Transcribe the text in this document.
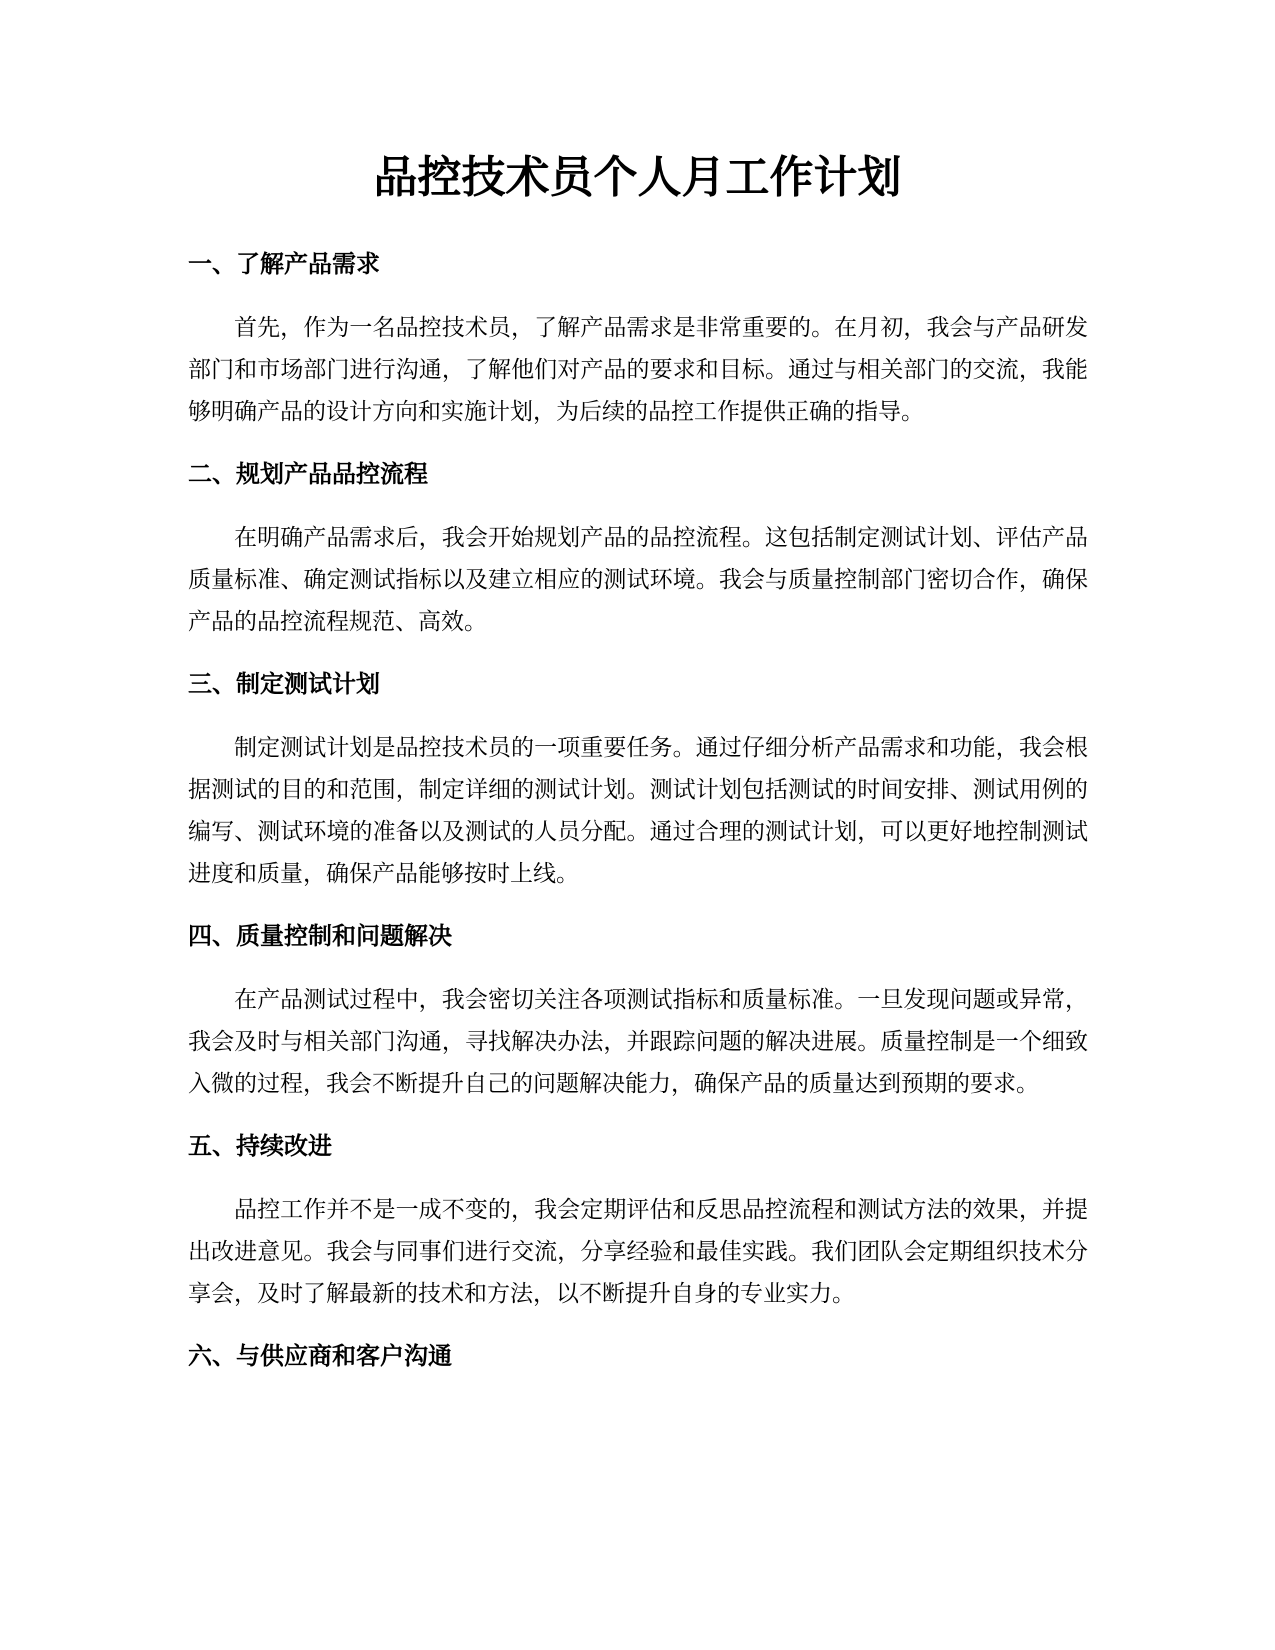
品控技术员个人月工作计划
一、了解产品需求

首先，作为一名品控技术员，了解产品需求是非常重要的。在月初，我会与产品研发部门和市场部门进行沟通，了解他们对产品的要求和目标。通过与相关部门的交流，我能够明确产品的设计方向和实施计划，为后续的品控工作提供正确的指导。

二、规划产品品控流程

在明确产品需求后，我会开始规划产品的品控流程。这包括制定测试计划、评估产品质量标准、确定测试指标以及建立相应的测试环境。我会与质量控制部门密切合作，确保产品的品控流程规范、高效。

三、制定测试计划

制定测试计划是品控技术员的一项重要任务。通过仔细分析产品需求和功能，我会根据测试的目的和范围，制定详细的测试计划。测试计划包括测试的时间安排、测试用例的编写、测试环境的准备以及测试的人员分配。通过合理的测试计划，可以更好地控制测试进度和质量，确保产品能够按时上线。

四、质量控制和问题解决

在产品测试过程中，我会密切关注各项测试指标和质量标准。一旦发现问题或异常，我会及时与相关部门沟通，寻找解决办法，并跟踪问题的解决进展。质量控制是一个细致入微的过程，我会不断提升自己的问题解决能力，确保产品的质量达到预期的要求。

五、持续改进

品控工作并不是一成不变的，我会定期评估和反思品控流程和测试方法的效果，并提出改进意见。我会与同事们进行交流，分享经验和最佳实践。我们团队会定期组织技术分享会，及时了解最新的技术和方法，以不断提升自身的专业实力。

六、与供应商和客户沟通
